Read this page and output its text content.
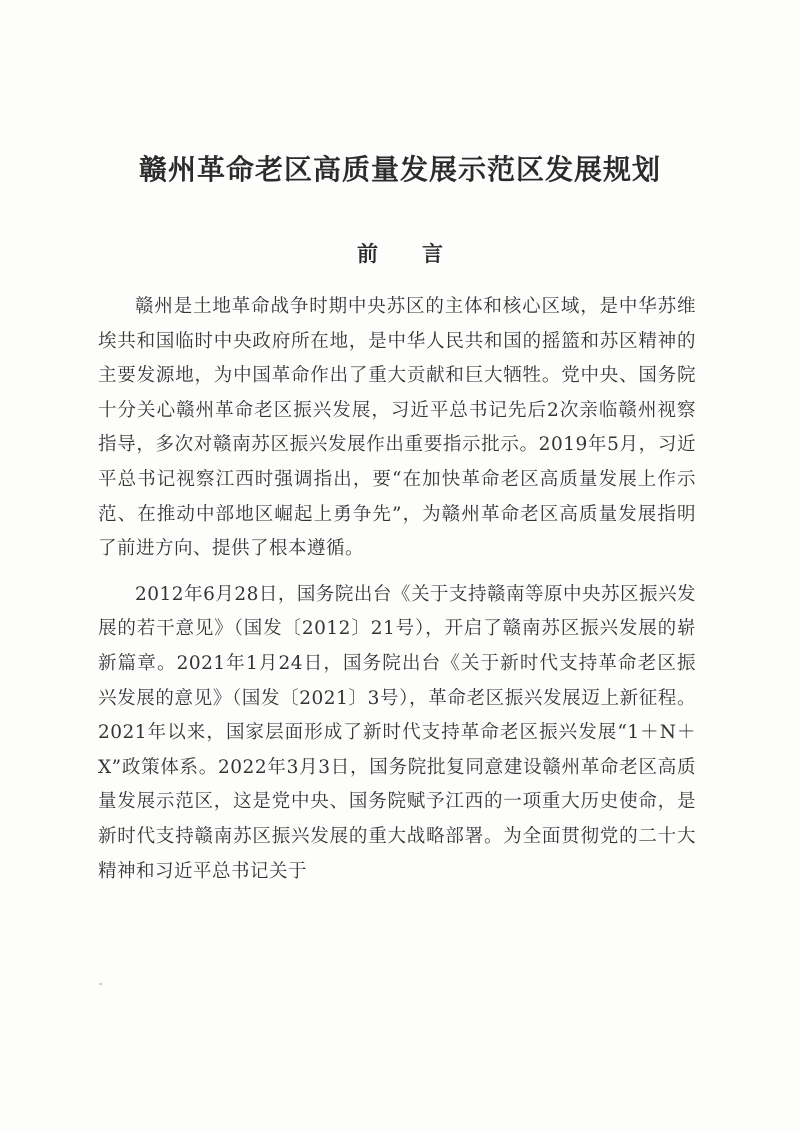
赣州革命老区高质量发展示范区发展规划
前言

赣州是土地革命战争时期中央苏区的主体和核心区域，是中华苏维埃共和国临时中央政府所在地，是中华人民共和国的摇篮和苏区精神的主要发源地，为中国革命作出了重大贡献和巨大牺牲。党中央、国务院十分关心赣州革命老区振兴发展，习近平总书记先后2次亲临赣州视察指导，多次对赣南苏区振兴发展作出重要指示批示。2019年5月，习近平总书记视察江西时强调指出，要“在加快革命老区高质量发展上作示范、在推动中部地区崛起上勇争先”，为赣州革命老区高质量发展指明了前进方向、提供了根本遵循。

2012年6月28日，国务院出台《关于支持赣南等原中央苏区振兴发展的若干意见》（国发〔2012〕21号），开启了赣南苏区振兴发展的崭新篇章。2021年1月24日，国务院出台《关于新时代支持革命老区振兴发展的意见》（国发〔2021〕3号），革命老区振兴发展迈上新征程。2021年以来，国家层面形成了新时代支持革命老区振兴发展“1＋N＋X”政策体系。2022年3月3日，国务院批复同意建设赣州革命老区高质量发展示范区，这是党中央、国务院赋予江西的一项重大历史使命，是新时代支持赣南苏区振兴发展的重大战略部署。为全面贯彻党的二十大精神和习近平总书记关于
